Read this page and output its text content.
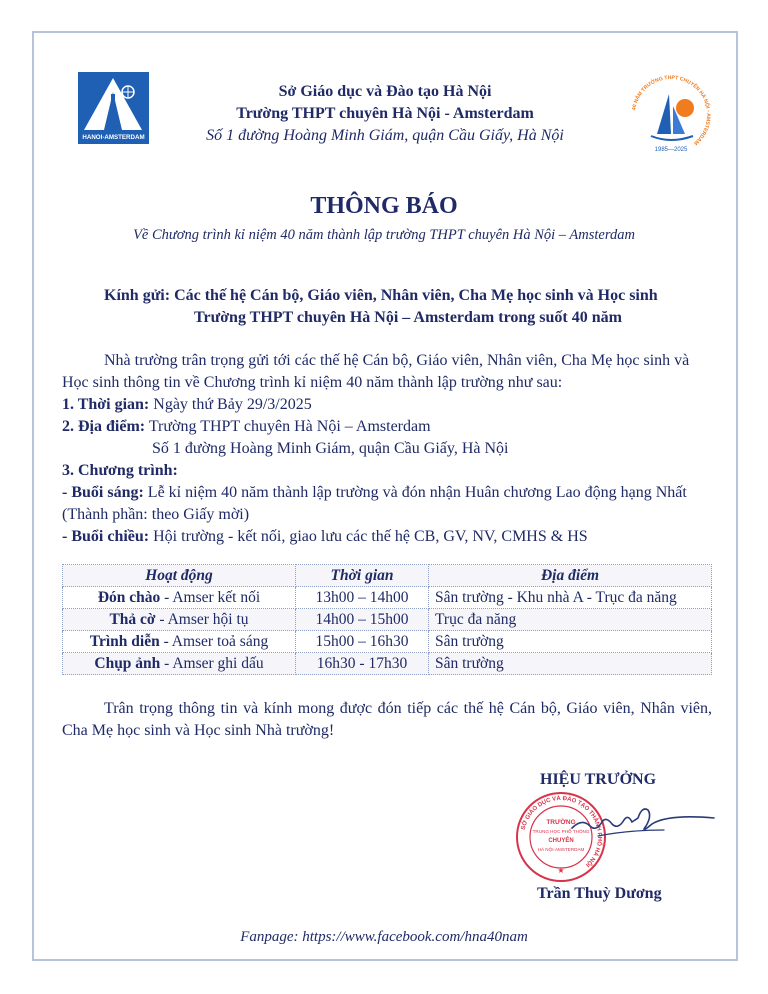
HANOI-AMSTERDAM
40 NĂM TRƯỜNG THPT CHUYÊN HÀ NỘI - AMSTERDAM
1985—2025
Sở Giáo dục và Đào tạo Hà Nội
Trường THPT chuyên Hà Nội - Amsterdam
Số 1 đường Hoàng Minh Giám, quận Cầu Giấy, Hà Nội
THÔNG BÁO
Về Chương trình kỉ niệm 40 năm thành lập trường THPT chuyên Hà Nội – Amsterdam
Kính gửi: Các thế hệ Cán bộ, Giáo viên, Nhân viên, Cha Mẹ học sinh và Học sinh
Trường THPT chuyên Hà Nội – Amsterdam trong suốt 40 năm
Nhà trường trân trọng gửi tới các thế hệ Cán bộ, Giáo viên, Nhân viên, Cha Mẹ học sinh và
Học sinh thông tin về Chương trình kỉ niệm 40 năm thành lập trường như sau:
1. Thời gian: Ngày thứ Bảy 29/3/2025
2. Địa điểm: Trường THPT chuyên Hà Nội – Amsterdam
Số 1 đường Hoàng Minh Giám, quận Cầu Giấy, Hà Nội
3. Chương trình:
- Buổi sáng: Lễ kỉ niệm 40 năm thành lập trường và đón nhận Huân chương Lao động hạng Nhất
(Thành phần: theo Giấy mời)
- Buổi chiều: Hội trường - kết nối, giao lưu các thế hệ CB, GV, NV, CMHS & HS
Hoạt động	Thời gian	Địa điểm
Đón chào - Amser kết nối	13h00 – 14h00	Sân trường - Khu nhà A - Trục đa năng
Thả cờ - Amser hội tụ	14h00 – 15h00	Trục đa năng
Trình diễn - Amser toả sáng	15h00 – 16h30	Sân trường
Chụp ảnh - Amser ghi dấu	16h30 - 17h30	Sân trường
Trân trọng thông tin và kính mong được đón tiếp các thế hệ Cán bộ, Giáo viên, Nhân viên,
Cha Mẹ học sinh và Học sinh Nhà trường!
HIỆU TRƯỞNG
SỞ GIÁO DỤC VÀ ĐÀO TẠO THÀNH PHỐ HÀ NỘI
TRƯỜNG
TRUNG HỌC PHỔ THÔNG
CHUYÊN
HÀ NỘI-AMSTERDAM
★
Trần Thuỳ Dương
Fanpage: https://www.facebook.com/hna40nam
